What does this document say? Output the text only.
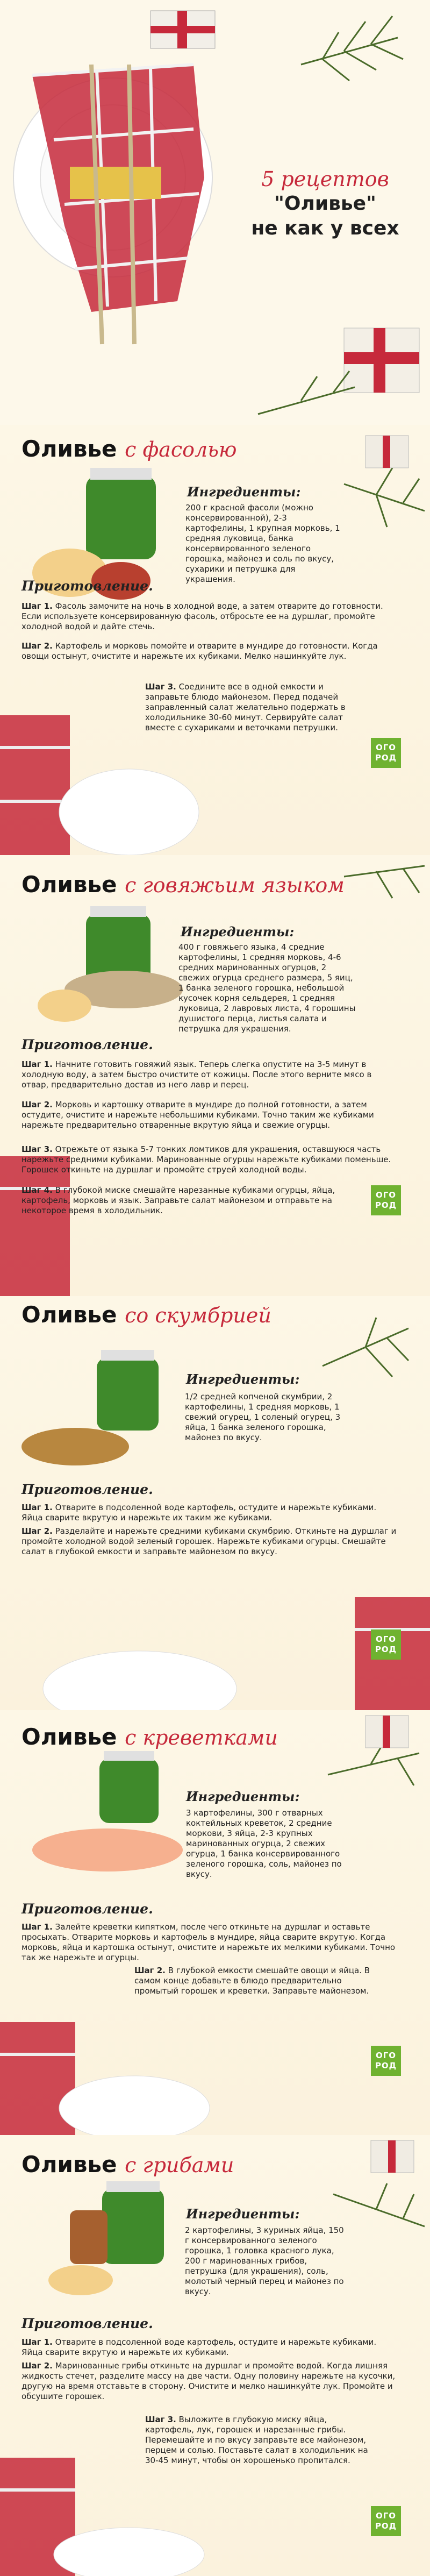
5 рецептов
"Оливье"
не как у всех
Оливье с фасолью
Ингредиенты:
200 г красной фасоли (можно консервированной), 2-3 картофелины, 1 крупная морковь, 1 средняя луковица, банка консервированного зеленого горошка, майонез и соль по вкусу, сухарики и петрушка для украшения.
Приготовление.
Шаг 1. Фасоль замочите на ночь в холодной воде, а затем отварите до готовности. Если используете консервированную фасоль, отбросьте ее на дуршлаг, промойте холодной водой и дайте стечь.
Шаг 2. Картофель и морковь помойте и отварите в мундире до готовности. Когда овощи остынут, очистите и нарежьте их кубиками. Мелко нашинкуйте лук.
Шаг 3. Соедините все в одной емкости и заправьте блюдо майонезом. Перед подачей заправленный салат желательно подержать в холодильнике 30-60 минут. Сервируйте салат вместе с сухариками и веточками петрушки.
ОГО
РОД
Оливье с говяжьим языком
Ингредиенты:
400 г говяжьего языка, 4 средние картофелины, 1 средняя морковь, 4-6 средних маринованных огурцов, 2 свежих огурца среднего размера, 5 яиц, 1 банка зеленого горошка, небольшой кусочек корня сельдерея, 1 средняя луковица, 2 лавровых листа, 4 горошины душистого перца, листья салата и петрушка для украшения.
Приготовление.
Шаг 1. Начните готовить говяжий язык. Теперь слегка опустите на 3-5 минут в холодную воду, а затем быстро очистите от кожицы. После этого верните мясо в отвар, предварительно достав из него лавр и перец.
Шаг 2. Морковь и картошку отварите в мундире до полной готовности, а затем остудите, очистите и нарежьте небольшими кубиками. Точно таким же кубиками нарежьте предварительно отваренные вкрутую яйца и свежие огурцы.
Шаг 3. Отрежьте от языка 5-7 тонких ломтиков для украшения, оставшуюся часть нарежьте средними кубиками. Маринованные огурцы нарежьте кубиками поменьше. Горошек откиньте на дуршлаг и промойте струей холодной воды.
Шаг 4. В глубокой миске смешайте нарезанные кубиками огурцы, яйца, картофель, морковь и язык. Заправьте салат майонезом и отправьте на некоторое время в холодильник.
ОГО
РОД
Оливье со скумбрией
Ингредиенты:
1/2 средней копченой скумбрии, 2 картофелины, 1 средняя морковь, 1 свежий огурец, 1 соленый огурец, 3 яйца, 1 банка зеленого горошка, майонез по вкусу.
Приготовление.
Шаг 1. Отварите в подсоленной воде картофель, остудите и нарежьте кубиками. Яйца сварите вкрутую и нарежьте их таким же кубиками.
Шаг 2. Разделайте и нарежьте средними кубиками скумбрию. Откиньте на дуршлаг и промойте холодной водой зеленый горошек. Нарежьте кубиками огурцы. Смешайте салат в глубокой емкости и заправьте майонезом по вкусу.
ОГО
РОД
Оливье с креветками
Ингредиенты:
3 картофелины, 300 г отварных коктейльных креветок, 2 средние моркови, 3 яйца, 2-3 крупных маринованных огурца, 2 свежих огурца, 1 банка консервированного зеленого горошка, соль, майонез по вкусу.
Приготовление.
Шаг 1. Залейте креветки кипятком, после чего откиньте на дуршлаг и оставьте просыхать. Отварите морковь и картофель в мундире, яйца сварите вкрутую. Когда морковь, яйца и картошка остынут, очистите и нарежьте их мелкими кубиками. Точно так же нарежьте и огурцы.
Шаг 2. В глубокой емкости смешайте овощи и яйца. В самом конце добавьте в блюдо предварительно промытый горошек и креветки. Заправьте майонезом.
ОГО
РОД
Оливье с грибами
Ингредиенты:
2 картофелины, 3 куриных яйца, 150 г консервированного зеленого горошка, 1 головка красного лука, 200 г маринованных грибов, петрушка (для украшения), соль, молотый черный перец и майонез по вкусу.
Приготовление.
Шаг 1. Отварите в подсоленной воде картофель, остудите и нарежьте кубиками. Яйца сварите вкрутую и нарежьте их кубиками.
Шаг 2. Маринованные грибы откиньте на дуршлаг и промойте водой. Когда лишняя жидкость стечет, разделите массу на две части. Одну половину нарежьте на кусочки, другую на время отставьте в сторону. Очистите и мелко нашинкуйте лук. Промойте и обсушите горошек.
Шаг 3. Выложите в глубокую миску яйца, картофель, лук, горошек и нарезанные грибы. Перемешайте и по вкусу заправьте все майонезом, перцем и солью. Поставьте салат в холодильник на 30-45 минут, чтобы он хорошенько пропитался.
ОГО
РОД
